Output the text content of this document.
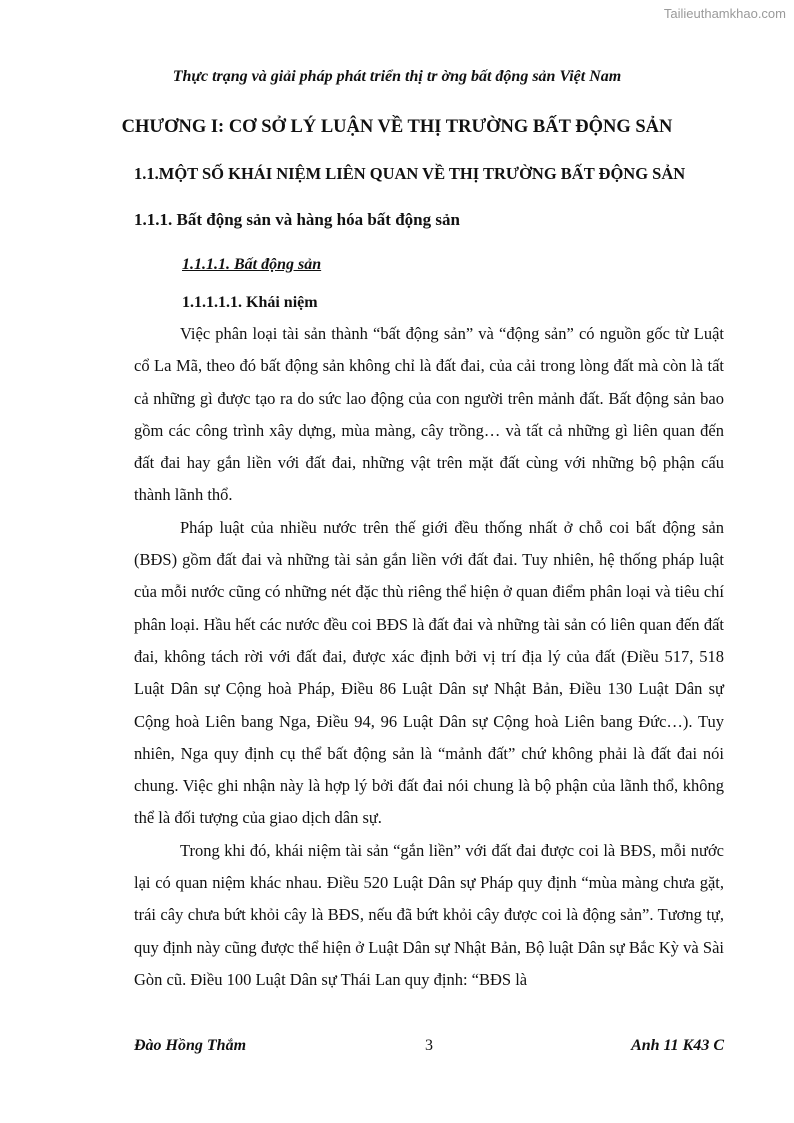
Tailieuthamkhao.com
Thực trạng và giải pháp phát triển thị tr ờng bất động sản Việt Nam
CHƯƠNG I: CƠ SỞ LÝ LUẬN VỀ THỊ TRƯỜNG BẤT ĐỘNG SẢN
1.1.MỘT SỐ KHÁI NIỆM LIÊN QUAN VỀ THỊ TRƯỜNG BẤT ĐỘNG SẢN
1.1.1. Bất động sản và hàng hóa bất động sản
1.1.1.1. Bất động sản
1.1.1.1.1. Khái niệm

Việc phân loại tài sản thành “bất động sản” và “động sản” có nguồn gốc từ Luật cổ La Mã, theo đó bất động sản không chỉ là đất đai, của cải trong lòng đất mà còn là tất cả những gì được tạo ra do sức lao động của con người trên mảnh đất. Bất động sản bao gồm các công trình xây dựng, mùa màng, cây trồng… và tất cả những gì liên quan đến đất đai hay gắn liền với đất đai, những vật trên mặt đất cùng với những bộ phận cấu thành lãnh thổ.

Pháp luật của nhiều nước trên thế giới đều thống nhất ở chỗ coi bất động sản (BĐS) gồm đất đai và những tài sản gắn liền với đất đai. Tuy nhiên, hệ thống pháp luật của mỗi nước cũng có những nét đặc thù riêng thể hiện ở quan điểm phân loại và tiêu chí phân loại. Hầu hết các nước đều coi BĐS là đất đai và những tài sản có liên quan đến đất đai, không tách rời với đất đai, được xác định bởi vị trí địa lý của đất (Điều 517, 518 Luật Dân sự Cộng hoà Pháp, Điều 86 Luật Dân sự Nhật Bản, Điều 130 Luật Dân sự Cộng hoà Liên bang Nga, Điều 94, 96 Luật Dân sự Cộng hoà Liên bang Đức…). Tuy nhiên, Nga quy định cụ thể bất động sản là “mảnh đất” chứ không phải là đất đai nói chung. Việc ghi nhận này là hợp lý bởi đất đai nói chung là bộ phận của lãnh thổ, không thể là đối tượng của giao dịch dân sự.

Trong khi đó, khái niệm tài sản “gắn liền” với đất đai được coi là BĐS, mỗi nước lại có quan niệm khác nhau. Điều 520 Luật Dân sự Pháp quy định “mùa màng chưa gặt, trái cây chưa bứt khỏi cây là BĐS, nếu đã bứt khỏi cây được coi là động sản”. Tương tự, quy định này cũng được thể hiện ở Luật Dân sự Nhật Bản, Bộ luật Dân sự Bắc Kỳ và Sài Gòn cũ. Điều 100 Luật Dân sự Thái Lan quy định: “BĐS là

3
Đào Hồng Thắm	Anh 11 K43 C
